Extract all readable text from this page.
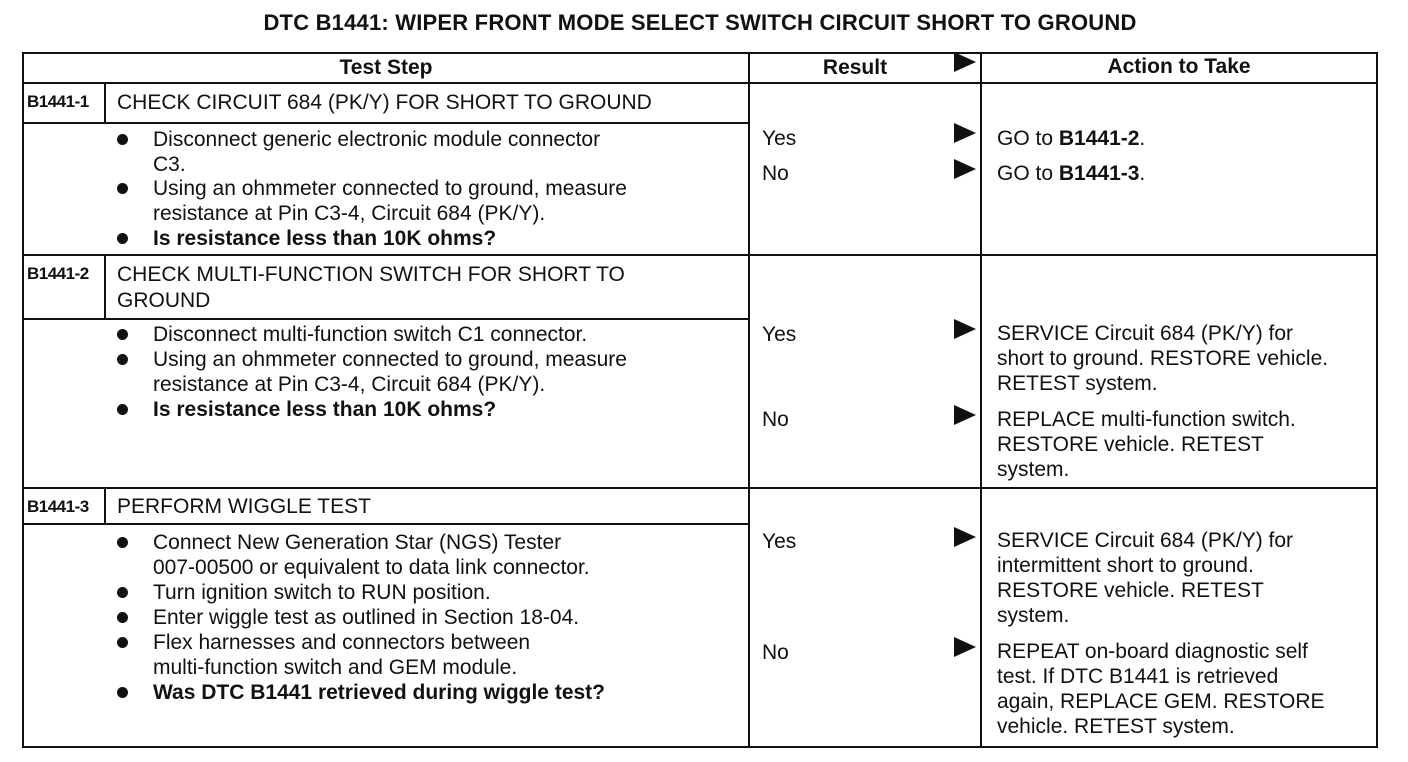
DTC B1441: WIPER FRONT MODE SELECT SWITCH CIRCUIT SHORT TO GROUND
Test Step	Result	Action to Take
B1441-1 CHECK CIRCUIT 684 (PK/Y) FOR SHORT TO GROUND
Disconnect generic electronic module connector
C3.
Using an ohmmeter connected to ground, measure
resistance at Pin C3-4, Circuit 684 (PK/Y).
Is resistance less than 10K ohms?
Yes	GO to B1441-2.
No	GO to B1441-3.
B1441-2 CHECK MULTI-FUNCTION SWITCH FOR SHORT TO
GROUND
Disconnect multi-function switch C1 connector.
Using an ohmmeter connected to ground, measure
resistance at Pin C3-4, Circuit 684 (PK/Y).
Is resistance less than 10K ohms?
Yes	SERVICE Circuit 684 (PK/Y) for
short to ground. RESTORE vehicle.
RETEST system.
No	REPLACE multi-function switch.
RESTORE vehicle. RETEST
system.
B1441-3 PERFORM WIGGLE TEST
Connect New Generation Star (NGS) Tester
007-00500 or equivalent to data link connector.
Turn ignition switch to RUN position.
Enter wiggle test as outlined in Section 18-04.
Flex harnesses and connectors between
multi-function switch and GEM module.
Was DTC B1441 retrieved during wiggle test?
Yes	SERVICE Circuit 684 (PK/Y) for
intermittent short to ground.
RESTORE vehicle. RETEST
system.
No	REPEAT on-board diagnostic self
test. If DTC B1441 is retrieved
again, REPLACE GEM. RESTORE
vehicle. RETEST system.
